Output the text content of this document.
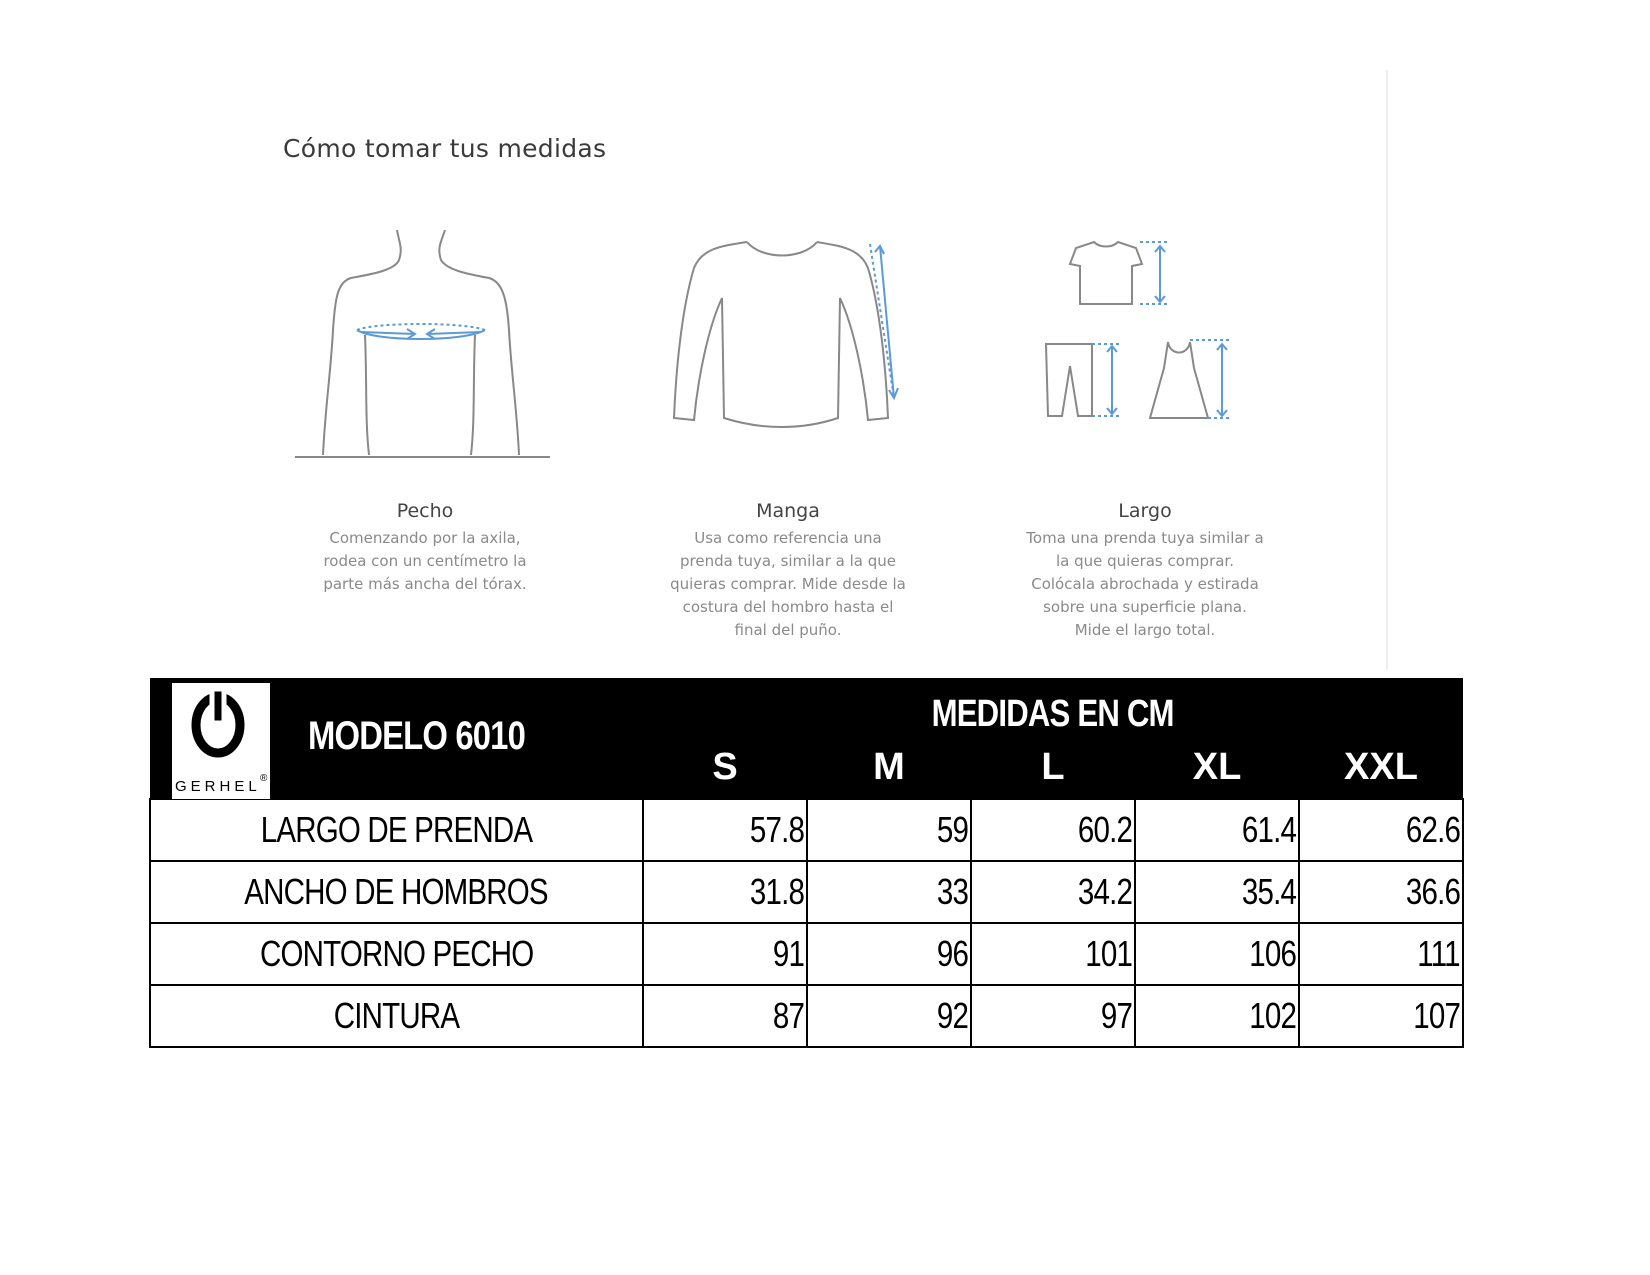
Cómo tomar tus medidas
Pecho
Comenzando por la axila,
rodea con un centímetro la
parte más ancha del tórax.
Manga
Usa como referencia una
prenda tuya, similar a la que
quieras comprar. Mide desde la
costura del hombro hasta el
final del puño.
Largo
Toma una prenda tuya similar a
la que quieras comprar.
Colócala abrochada y estirada
sobre una superficie plana.
Mide el largo total.
GERHEL ®
MODELO 6010	MEDIDAS EN CM				
	S	M	L	XL	XXL
LARGO DE PRENDA	57.8	59	60.2	61.4	62.6
ANCHO DE HOMBROS	31.8	33	34.2	35.4	36.6
CONTORNO PECHO	91	96	101	106	111
CINTURA	87	92	97	102	107
